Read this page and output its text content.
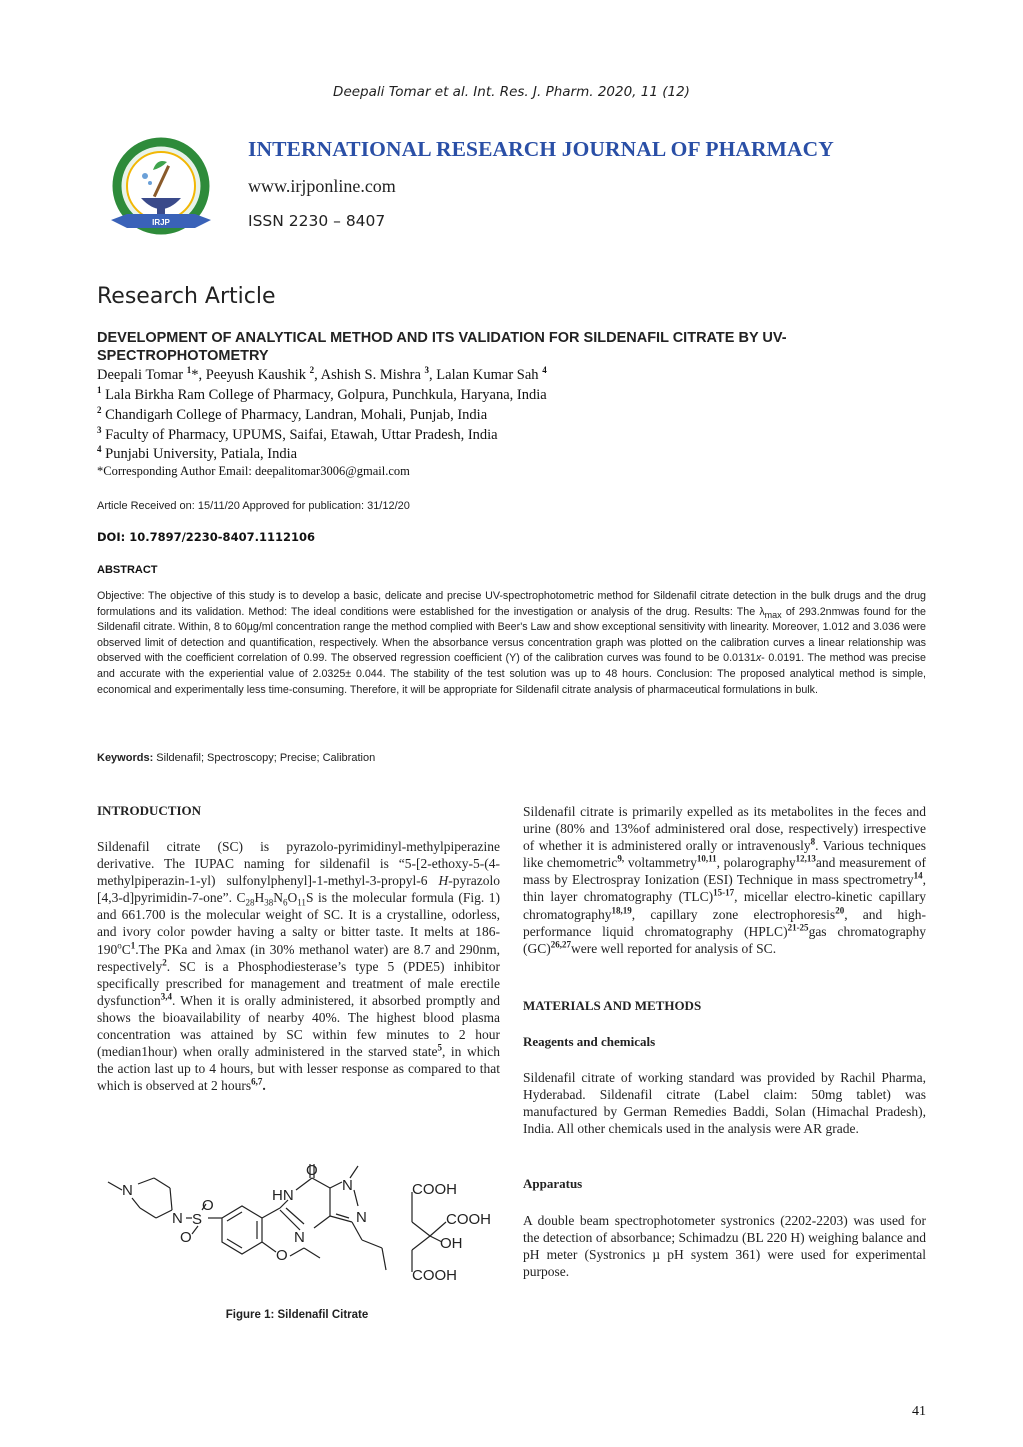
Deepali Tomar et al. Int. Res. J. Pharm. 2020, 11 (12)
IRJP
INTERNATIONAL RESEARCH JOURNAL OF PHARMACY
www.irjponline.com
ISSN 2230 – 8407
Research Article
DEVELOPMENT OF ANALYTICAL METHOD AND ITS VALIDATION FOR SILDENAFIL CITRATE BY UV-SPECTROPHOTOMETRY
Deepali Tomar $^1$*, Peeyush Kaushik $^2$, Ashish S. Mishra $^3$, Lalan Kumar Sah $^4$
$^1$ Lala Birkha Ram College of Pharmacy, Golpura, Punchkula, Haryana, India
$^2$ Chandigarh College of Pharmacy, Landran, Mohali, Punjab, India
$^3$ Faculty of Pharmacy, UPUMS, Saifai, Etawah, Uttar Pradesh, India
$^4$ Punjabi University, Patiala, India
*Corresponding Author Email: deepalitomar3006@gmail.com
Article Received on: 15/11/20 Approved for publication: 31/12/20
DOI: 10.7897/2230-8407.1112106
ABSTRACT
Objective: The objective of this study is to develop a basic, delicate and precise UV-spectrophotometric method for Sildenafil citrate detection in the bulk drugs and the drug formulations and its validation. Method: The ideal conditions were established for the investigation or analysis of the drug. Results: The $\lambda_{max}$ of 293.2nmwas found for the Sildenafil citrate. Within, 8 to 60µg/ml concentration range the method complied with Beer's Law and show exceptional sensitivity with linearity. Moreover, 1.012 and 3.036 were observed limit of detection and quantification, respectively. When the absorbance versus concentration graph was plotted on the calibration curves a linear relationship was observed with the coefficient correlation of 0.99. The observed regression coefficient (Y) of the calibration curves was found to be 0.0131x- 0.0191. The method was precise and accurate with the experiential value of 2.0325± 0.044. The stability of the test solution was up to 48 hours. Conclusion: The proposed analytical method is simple, economical and experimentally less time-consuming. Therefore, it will be appropriate for Sildenafil citrate analysis of pharmaceutical formulations in bulk.
Keywords: Sildenafil; Spectroscopy; Precise; Calibration
INTRODUCTION
Sildenafil citrate (SC) is pyrazolo-pyrimidinyl-methylpiperazine derivative. The IUPAC naming for sildenafil is “5-[2-ethoxy-5-(4-methylpiperazin-1-yl) sulfonylphenyl]-1-methyl-3-propyl-6 H-pyrazolo [4,3-d]pyrimidin-7-one”. $C_{28}H_{38}N_6O_{11}S$ is the molecular formula (Fig. 1) and 661.700 is the molecular weight of SC. It is a crystalline, odorless, and ivory color powder having a salty or bitter taste. It melts at $186-190^oC^1.The$ PKa and λmax (in 30% methanol water) are 8.7 and 290nm, respectively$^2$. SC is a Phosphodiesterase’s type 5 (PDE5) inhibitor specifically prescribed for management and treatment of male erectile dysfunction$^{3,4}$. When it is orally administered, it absorbed promptly and shows the bioavailability of nearby 40%. The highest blood plasma concentration was attained by SC within few minutes to 2 hour (median1hour) when orally administered in the starved state$^5$, in which the action last up to 4 hours, but with lesser response as compared to that which is observed at 2 hours$^{6,7}$.
N
N S
O
O
O
HN
N
O
N
N
COOH
COOH
OH
COOH
Figure 1: Sildenafil Citrate
Sildenafil citrate is primarily expelled as its metabolites in the feces and urine (80% and 13%of administered oral dose, respectively) irrespective of whether it is administered orally or intravenously$^8$. Various techniques like chemometric$^{9,}$ voltammetry$^{10,11}$, polarography$^{12,13}$and measurement of mass by Electrospray Ionization (ESI) Technique in mass spectrometry$^{14}$, thin layer chromatography (TLC)$^{15-17}$, micellar electro-kinetic capillary chromatography$^{18,19}$, capillary zone electrophoresis$^{20}$, and high-performance liquid chromatography (HPLC)$^{21-25}$gas chromatography (GC)$^{26,27}$were well reported for analysis of SC.
MATERIALS AND METHODS
Reagents and chemicals
Sildenafil citrate of working standard was provided by Rachil Pharma, Hyderabad. Sildenafil citrate (Label claim: 50mg tablet) was manufactured by German Remedies Baddi, Solan (Himachal Pradesh), India. All other chemicals used in the analysis were AR grade.
Apparatus
A double beam spectrophotometer systronics (2202-2203) was used for the detection of absorbance; Schimadzu (BL 220 H) weighing balance and pH meter (Systronics µ pH system 361) were used for experimental purpose.
41
